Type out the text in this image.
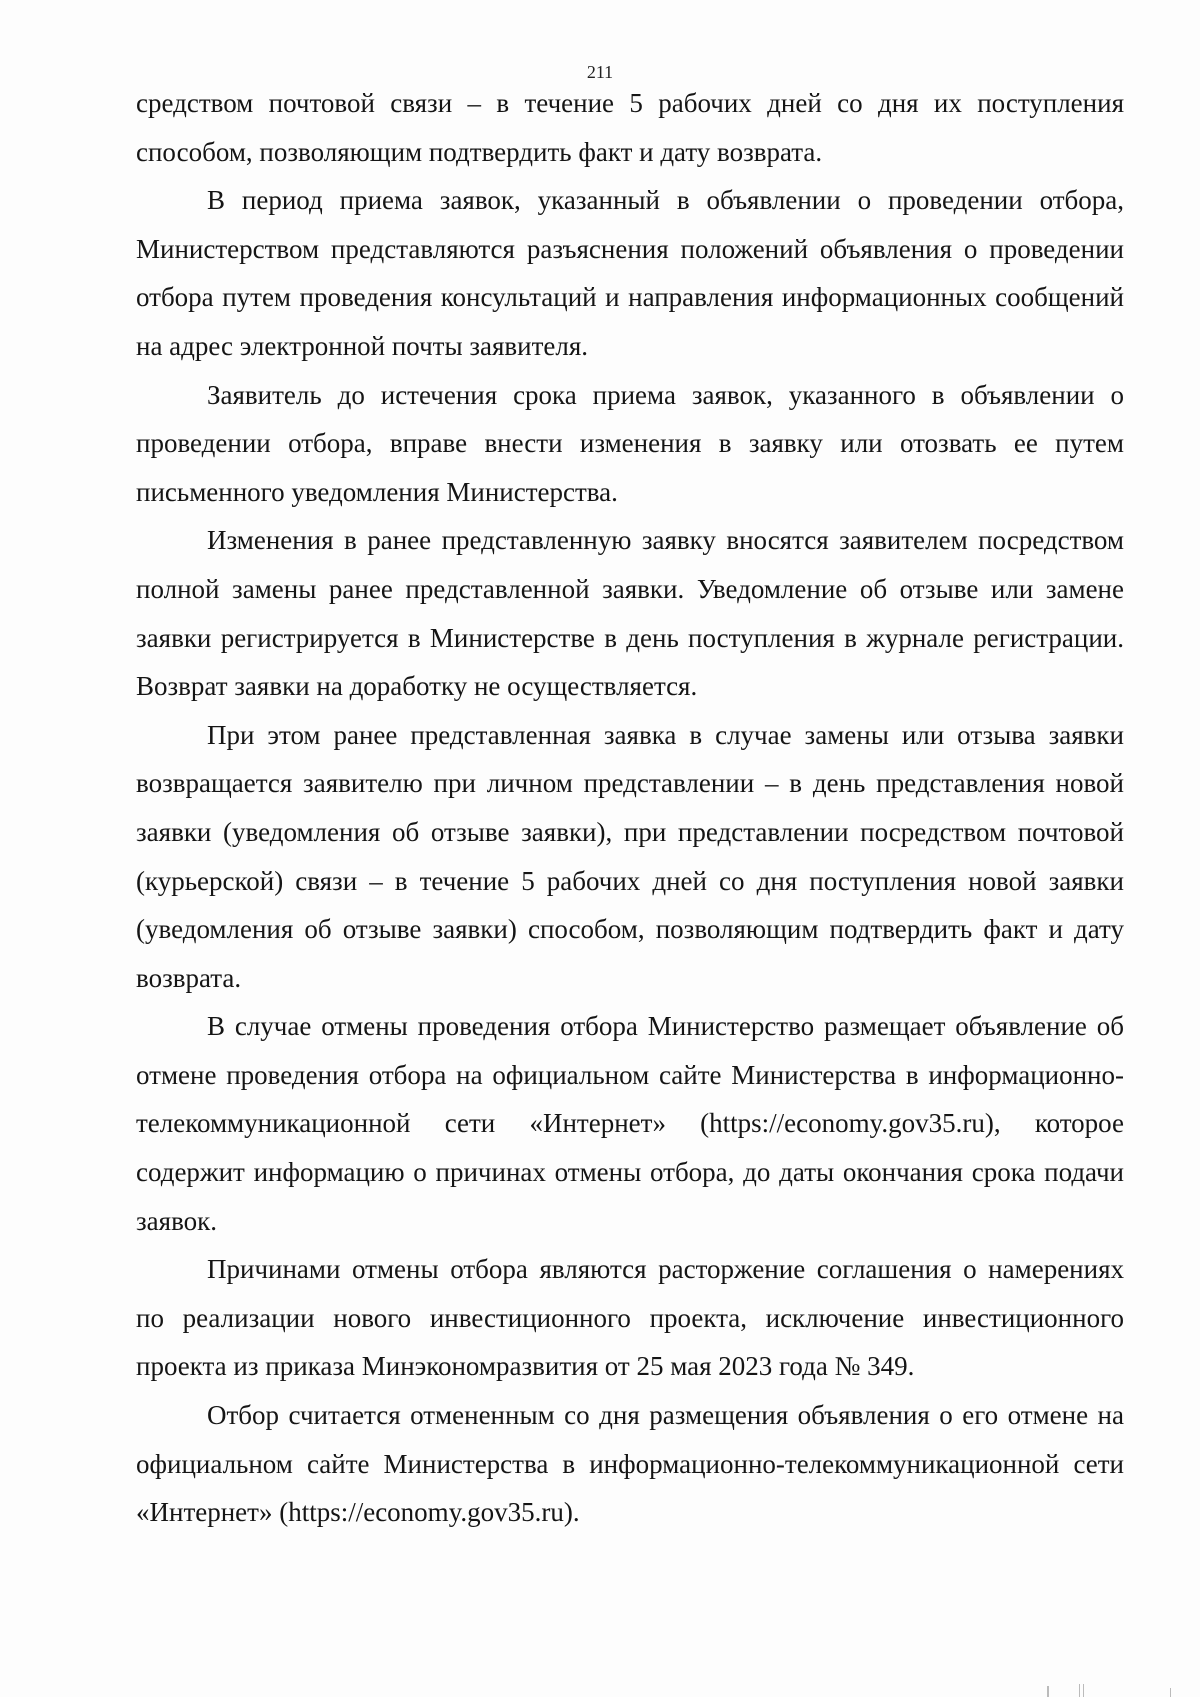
211

средством почтовой связи – в течение 5 рабочих дней со дня их поступления способом, позволяющим подтвердить факт и дату возврата.

В период приема заявок, указанный в объявлении о проведении отбора, Министерством представляются разъяснения положений объявления о проведении отбора путем проведения консультаций и направления информационных сообщений на адрес электронной почты заявителя.

Заявитель до истечения срока приема заявок, указанного в объявлении о проведении отбора, вправе внести изменения в заявку или отозвать ее путем письменного уведомления Министерства.

Изменения в ранее представленную заявку вносятся заявителем посредством полной замены ранее представленной заявки. Уведомление об отзыве или замене заявки регистрируется в Министерстве в день поступления в журнале регистрации. Возврат заявки на доработку не осуществляется.

При этом ранее представленная заявка в случае замены или отзыва заявки возвращается заявителю при личном представлении – в день представления новой заявки (уведомления об отзыве заявки), при представлении посредством почтовой (курьерской) связи – в течение 5 рабочих дней со дня поступления новой заявки (уведомления об отзыве заявки) способом, позволяющим подтвердить факт и дату возврата.

В случае отмены проведения отбора Министерство размещает объявление об отмене проведения отбора на официальном сайте Министерства в информационно-телекоммуникационной сети «Интернет» (https://economy.gov35.ru), которое содержит информацию о причинах отмены отбора, до даты окончания срока подачи заявок.

Причинами отмены отбора являются расторжение соглашения о намерениях по реализации нового инвестиционного проекта, исключение инвестиционного проекта из приказа Минэкономразвития от 25 мая 2023 года № 349.

Отбор считается отмененным со дня размещения объявления о его отмене на официальном сайте Министерства в информационно-телекоммуникационной сети «Интернет» (https://economy.gov35.ru).
